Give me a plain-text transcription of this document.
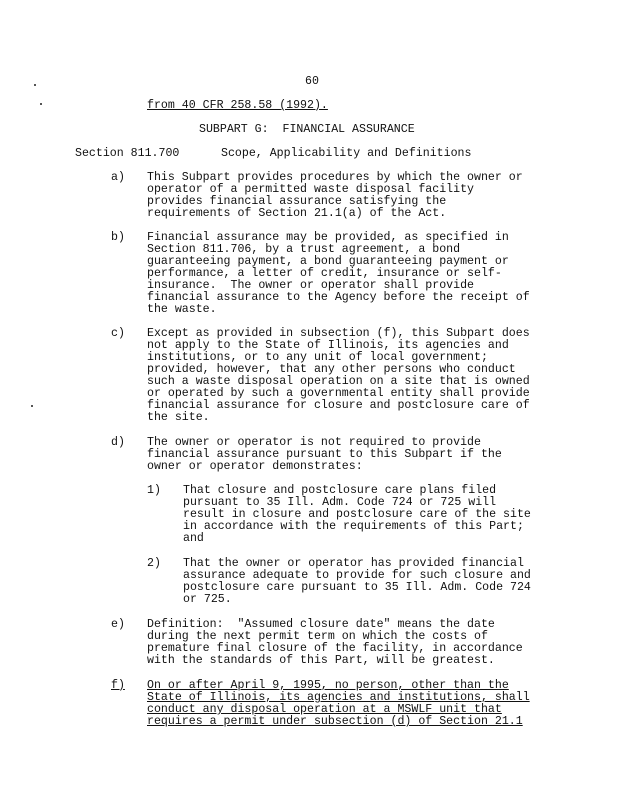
60
from 40 CFR 258.58 (1992).
SUBPART G:  FINANCIAL ASSURANCE
Section 811.700	Scope, Applicability and Definitions
a) This Subpart provides procedures by which the owner or
operator of a permitted waste disposal facility
provides financial assurance satisfying the
requirements of Section 21.1(a) of the Act.
b) Financial assurance may be provided, as specified in
Section 811.706, by a trust agreement, a bond
guaranteeing payment, a bond guaranteeing payment or
performance, a letter of credit, insurance or self-
insurance.  The owner or operator shall provide
financial assurance to the Agency before the receipt of
the waste.
c) Except as provided in subsection (f), this Subpart does
not apply to the State of Illinois, its agencies and
institutions, or to any unit of local government;
provided, however, that any other persons who conduct
such a waste disposal operation on a site that is owned
or operated by such a governmental entity shall provide
financial assurance for closure and postclosure care of
the site.
d) The owner or operator is not required to provide
financial assurance pursuant to this Subpart if the
owner or operator demonstrates:
1) That closure and postclosure care plans filed
pursuant to 35 Ill. Adm. Code 724 or 725 will
result in closure and postclosure care of the site
in accordance with the requirements of this Part;
and
2) That the owner or operator has provided financial
assurance adequate to provide for such closure and
postclosure care pursuant to 35 Ill. Adm. Code 724
or 725.
e) Definition:  "Assumed closure date" means the date
during the next permit term on which the costs of
premature final closure of the facility, in accordance
with the standards of this Part, will be greatest.
f) On or after April 9, 1995, no person, other than the
State of Illinois, its agencies and institutions, shall
conduct any disposal operation at a MSWLF unit that
requires a permit under subsection (d) of Section 21.1
